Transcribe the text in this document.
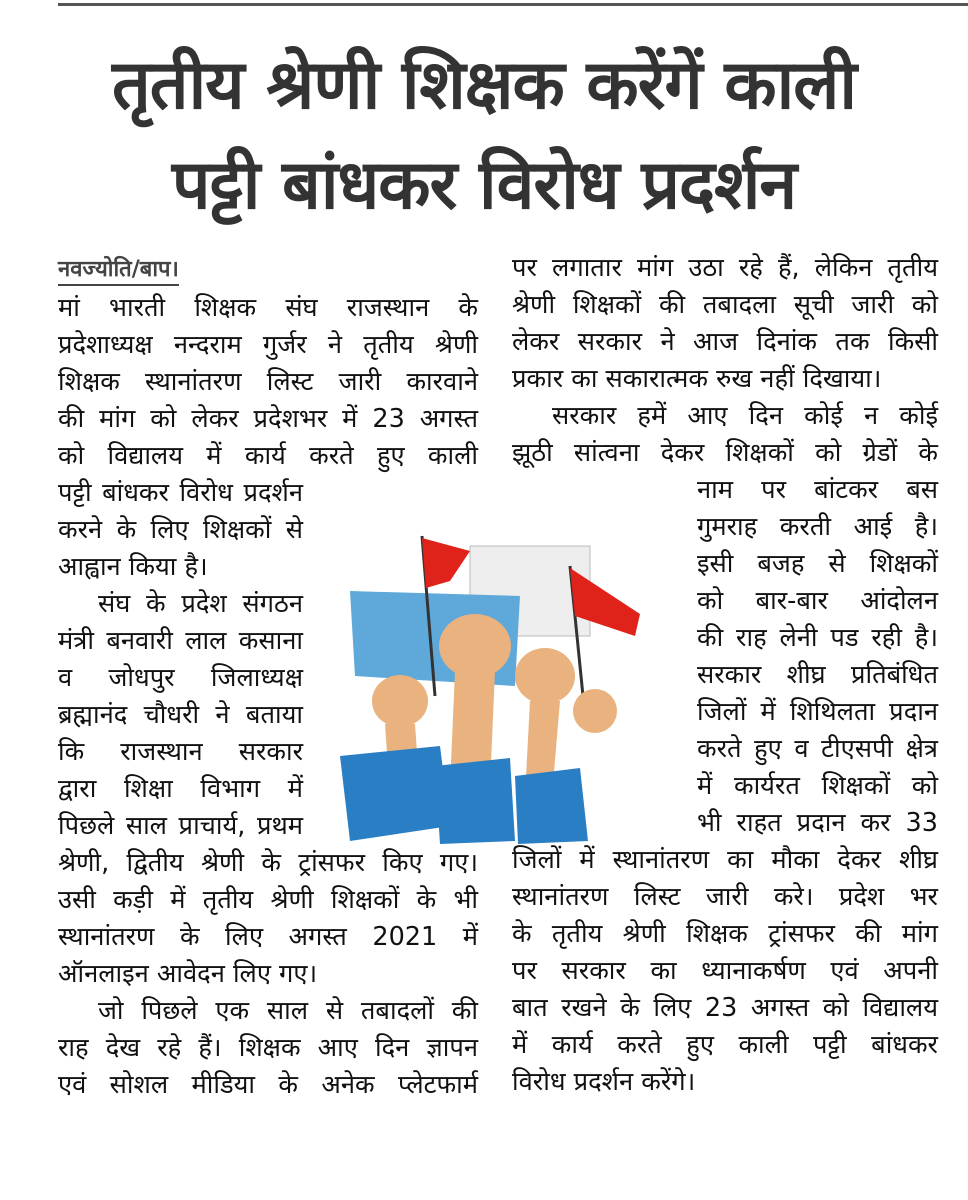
तृतीय श्रेणी शिक्षक करेंगें काली
पट्टी बांधकर विरोध प्रदर्शन
नवज्योति/बाप।

मां भारती शिक्षक संघ राजस्थान के

प्रदेशाध्यक्ष नन्दराम गुर्जर ने तृतीय श्रेणी

शिक्षक स्थानांतरण लिस्ट जारी कारवाने

की मांग को लेकर प्रदेशभर में 23 अगस्त

को विद्यालय में कार्य करते हुए काली

पट्टी बांधकर विरोध प्रदर्शन

करने के लिए शिक्षकों से

आह्वान किया है।

संघ के प्रदेश संगठन

मंत्री बनवारी लाल कसाना

व जोधपुर जिलाध्यक्ष

ब्रह्मानंद चौधरी ने बताया

कि राजस्थान सरकार

द्वारा शिक्षा विभाग में

पिछले साल प्राचार्य, प्रथम

श्रेणी, द्वितीय श्रेणी के ट्रांसफर किए गए।

उसी कड़ी में तृतीय श्रेणी शिक्षकों के भी

स्थानांतरण के लिए अगस्त 2021 में

ऑनलाइन आवेदन लिए गए।

जो पिछले एक साल से तबादलों की

राह देख रहे हैं। शिक्षक आए दिन ज्ञापन

एवं सोशल मीडिया के अनेक प्लेटफार्म

पर लगातार मांग उठा रहे हैं, लेकिन तृतीय

श्रेणी शिक्षकों की तबादला सूची जारी को

लेकर सरकार ने आज दिनांक तक किसी

प्रकार का सकारात्मक रुख नहीं दिखाया।

सरकार हमें आए दिन कोई न कोई

झूठी सांत्वना देकर शिक्षकों को ग्रेडों के

नाम पर बांटकर बस

गुमराह करती आई है।

इसी बजह से शिक्षकों

को बार-बार आंदोलन

की राह लेनी पड रही है।

सरकार शीघ्र प्रतिबंधित

जिलों में शिथिलता प्रदान

करते हुए व टीएसपी क्षेत्र

में कार्यरत शिक्षकों को

भी राहत प्रदान कर 33

जिलों में स्थानांतरण का मौका देकर शीघ्र

स्थानांतरण लिस्ट जारी करे। प्रदेश भर

के तृतीय श्रेणी शिक्षक ट्रांसफर की मांग

पर सरकार का ध्यानाकर्षण एवं अपनी

बात रखने के लिए 23 अगस्त को विद्यालय

में कार्य करते हुए काली पट्टी बांधकर

विरोध प्रदर्शन करेंगे।
